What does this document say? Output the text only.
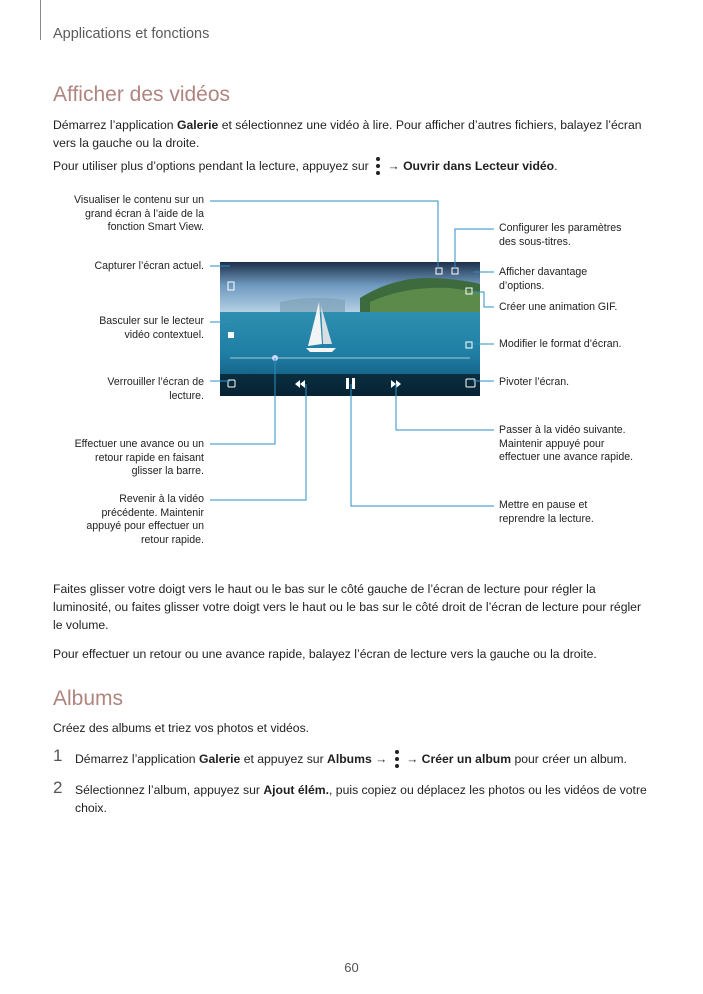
Applications et fonctions
Afficher des vidéos

Démarrez l’application Galerie et sélectionnez une vidéo à lire. Pour afficher d’autres fichiers, balayez l’écran vers la gauche ou la droite.

Pour utiliser plus d’options pendant la lecture, appuyez sur
→ Ouvrir dans Lecteur vidéo.

Visualiser le contenu sur un grand écran à l’aide de la fonction Smart View.
Capturer l’écran actuel.
Basculer sur le lecteur vidéo contextuel.
Verrouiller l’écran de lecture.
Effectuer une avance ou un retour rapide en faisant glisser la barre.
Revenir à la vidéo précédente. Maintenir appuyé pour effectuer un retour rapide.
Configurer les paramètres des sous-titres.
Afficher davantage d’options.
Créer une animation GIF.
Modifier le format d’écran.
Pivoter l’écran.
Passer à la vidéo suivante. Maintenir appuyé pour effectuer une avance rapide.
Mettre en pause et reprendre la lecture.

Faites glisser votre doigt vers le haut ou le bas sur le côté gauche de l’écran de lecture pour régler la luminosité, ou faites glisser votre doigt vers le haut ou le bas sur le côté droit de l’écran de lecture pour régler le volume.

Pour effectuer un retour ou une avance rapide, balayez l’écran de lecture vers la gauche ou la droite.

Albums

Créez des albums et triez vos photos et vidéos.

1 Démarrez l’application Galerie et appuyez sur Albums →
→ Créer un album pour créer un album.

2 Sélectionnez l’album, appuyez sur Ajout élém., puis copiez ou déplacez les photos ou les vidéos de votre choix.

60
